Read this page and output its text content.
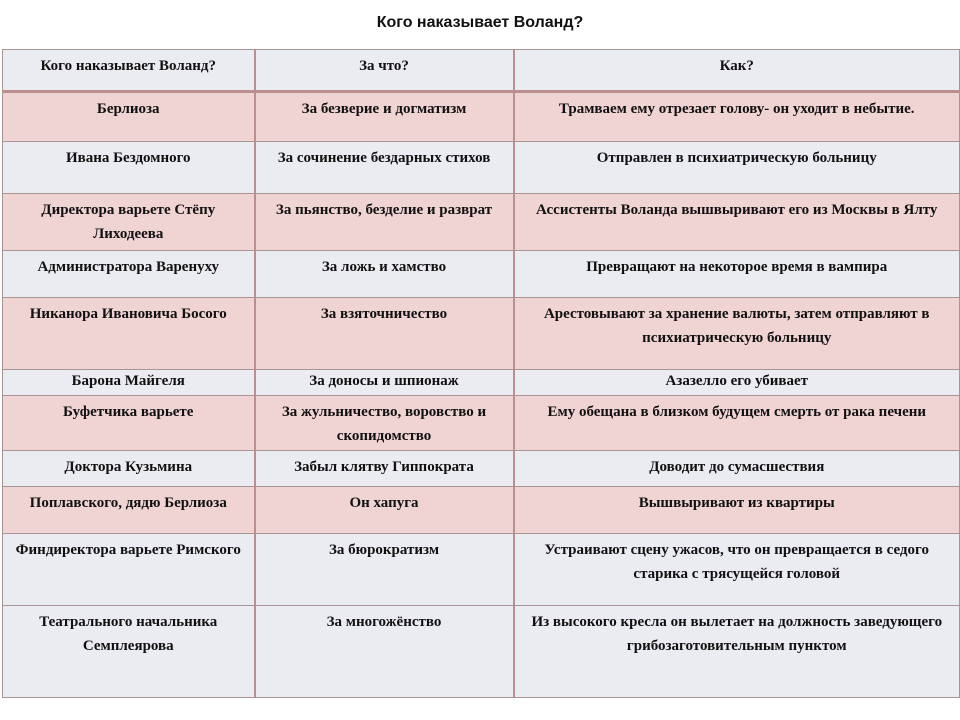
Кого наказывает Воланд?
Кого наказывает Воланд?	За что?	Как?
Берлиоза	За безверие и догматизм	Трамваем ему отрезает голову- он уходит в небытие.
Ивана Бездомного	За сочинение бездарных стихов	Отправлен в психиатрическую больницу
Директора варьете Стёпу Лиходеева	За пьянство, безделие и разврат	Ассистенты Воланда вышвыривают его из Москвы в Ялту
Администратора Варенуху	За ложь и хамство	Превращают на некоторое время в вампира
Никанора Ивановича Босого	За взяточничество	Арестовывают за хранение валюты, затем отправляют в психиатрическую больницу
Барона Майгеля	За доносы и шпионаж	Азазелло его убивает
Буфетчика варьете	За жульничество, воровство и скопидомство	Ему обещана в близком будущем смерть от рака печени
Доктора Кузьмина	Забыл клятву Гиппократа	Доводит до сумасшествия
Поплавского, дядю Берлиоза	Он хапуга	Вышвыривают из квартиры
Финдиректора варьете Римского	За бюрократизм	Устраивают сцену ужасов, что он превращается в седого старика с трясущейся головой
Театрального начальника Семплеярова	За многожёнство	Из высокого кресла он вылетает на должность заведующего грибозаготовительным пунктом
